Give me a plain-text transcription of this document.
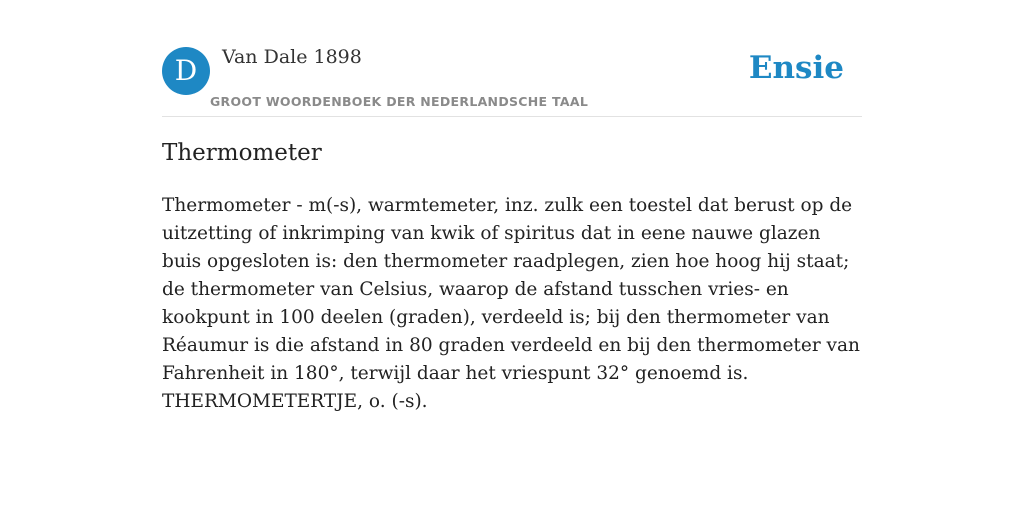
D	Van Dale 1898
GROOT WOORDENBOEK DER NEDERLANDSCHE TAAL
Ensie
Thermometer

Thermometer - m(-s), warmtemeter, inz. zulk een toestel dat berust op de uitzetting of inkrimping van kwik of spiritus dat in eene nauwe glazen buis opgesloten is: den thermometer raadplegen, zien hoe hoog hij staat; de thermometer van Celsius, waarop de afstand tusschen vries- en kookpunt in 100 deelen (graden), verdeeld is; bij den thermometer van Réaumur is die afstand in 80 graden verdeeld en bij den thermometer van Fahrenheit in 180°, terwijl daar het vriespunt 32° genoemd is. THERMOMETERTJE, o. (-s).
